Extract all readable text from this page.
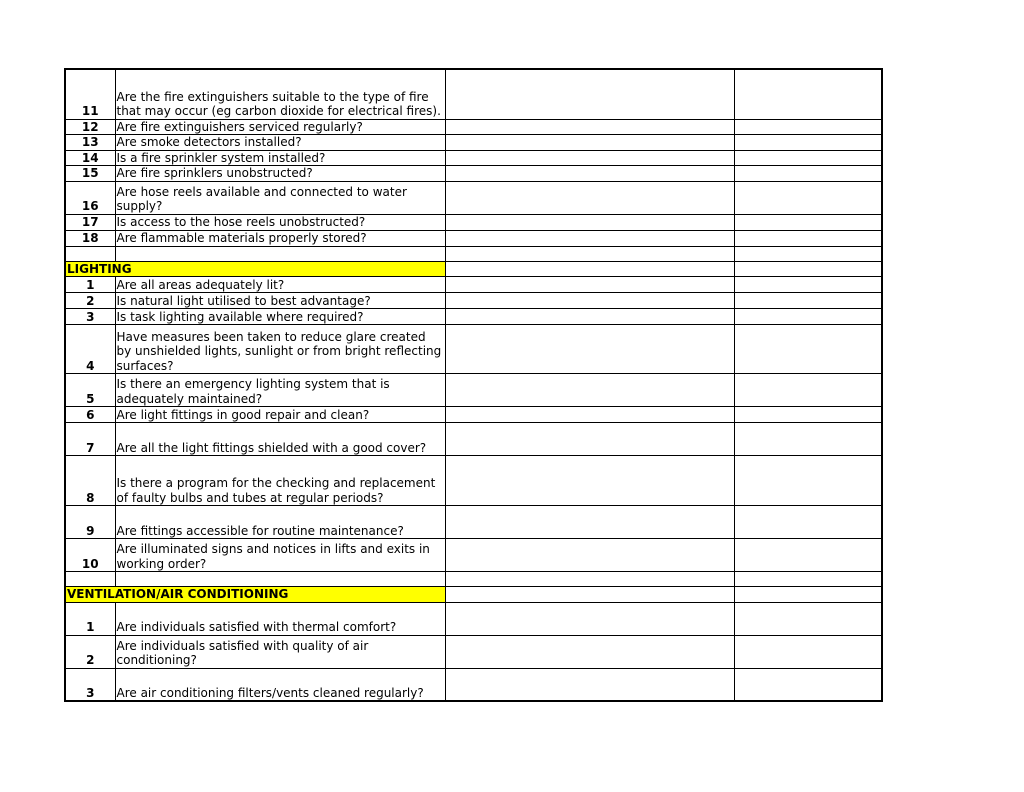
11	Are the fire extinguishers suitable to the type of fire that may occur (eg carbon dioxide for electrical fires).		
12	Are fire extinguishers serviced regularly?		
13	Are smoke detectors installed?		
14	Is a fire sprinkler system installed?		
15	Are fire sprinklers unobstructed?		
16	Are hose reels available and connected to water supply?		
17	Is access to the hose reels unobstructed?		
18	Are flammable materials properly stored?		

LIGHTING			
1	Are all areas adequately lit?		
2	Is natural light utilised to best advantage?		
3	Is task lighting available where required?		
4	Have measures been taken to reduce glare created by unshielded lights, sunlight or from bright reflecting surfaces?		
5	Is there an emergency lighting system that is adequately maintained?		
6	Are light fittings in good repair and clean?		
7	Are all the light fittings shielded with a good cover?		
8	Is there a program for the checking and replacement of faulty bulbs and tubes at regular periods?		
9	Are fittings accessible for routine maintenance?		
10	Are illuminated signs and notices in lifts and exits in working order?		

VENTILATION/AIR CONDITIONING			
1	Are individuals satisfied with thermal comfort?		
2	Are individuals satisfied with quality of air conditioning?		
3	Are air conditioning filters/vents cleaned regularly?		
